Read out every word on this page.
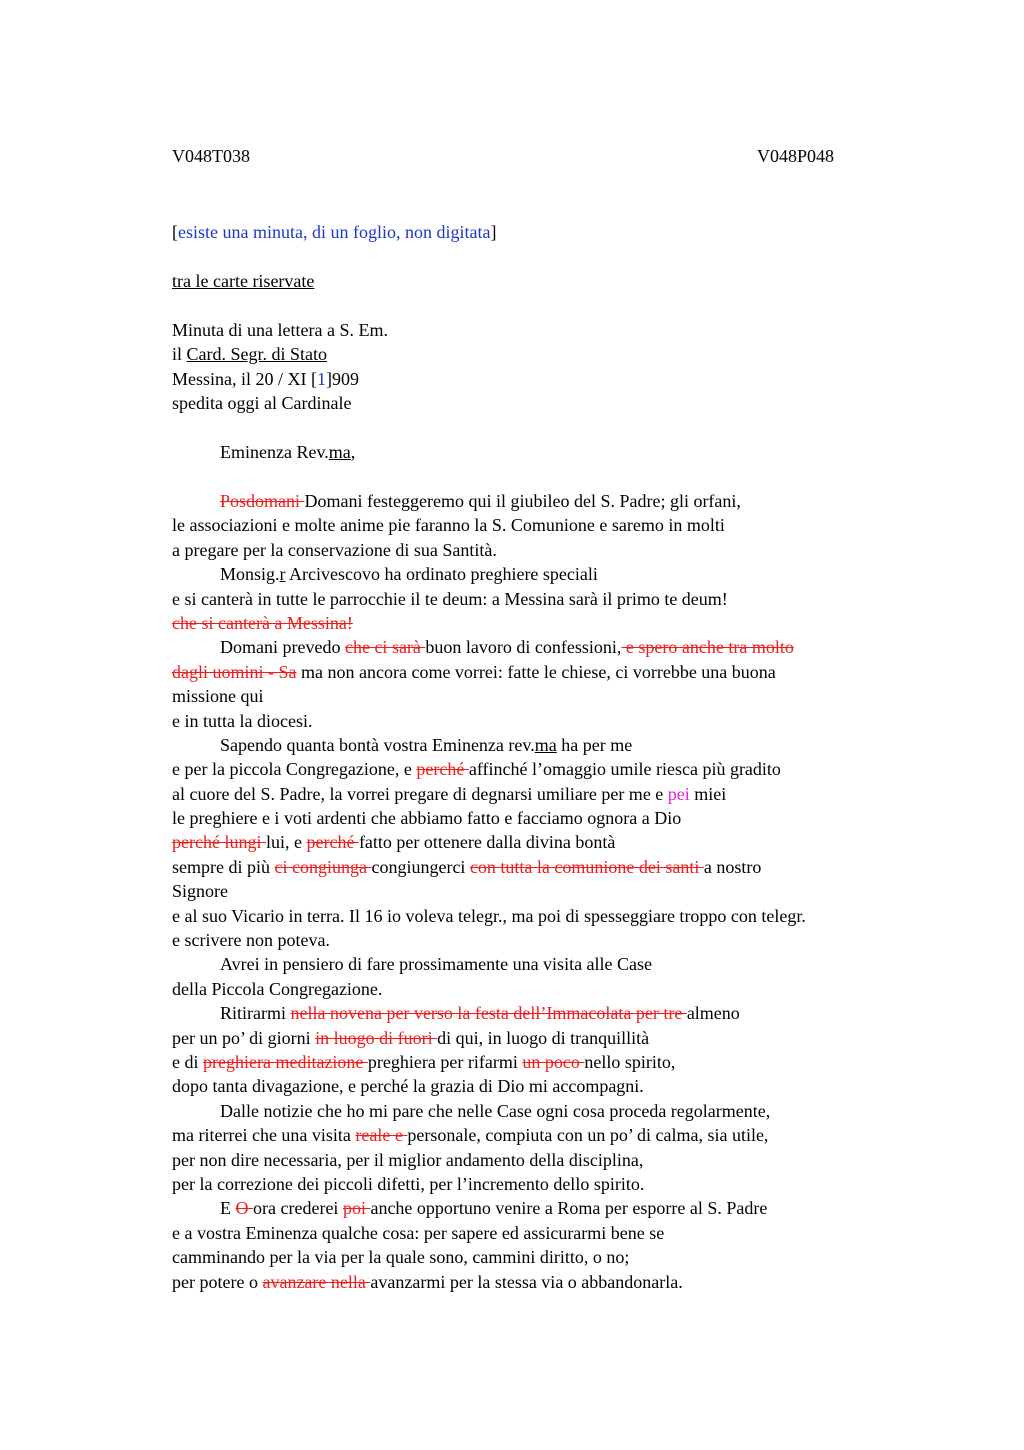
V048T038	V048P048
[esiste una minuta, di un foglio, non digitata]
tra le carte riservate
Minuta di una lettera a S. Em.
il Card. Segr. di Stato
Messina, il 20 / XI [1]909
spedita oggi al Cardinale
Eminenza Rev.ma,
Posdomani Domani festeggeremo qui il giubileo del S. Padre; gli orfani,
le associazioni e molte anime pie faranno la S. Comunione e saremo in molti
a pregare per la conservazione di sua Santità.
Monsig.r Arcivescovo ha ordinato preghiere speciali
e si canterà in tutte le parrocchie il te deum: a Messina sarà il primo te deum!
che si canterà a Messina!
Domani prevedo che ci sarà buon lavoro di confessioni, e spero anche tra molto
dagli uomini - Sa ma non ancora come vorrei: fatte le chiese, ci vorrebbe una buona
missione qui
e in tutta la diocesi.
Sapendo quanta bontà vostra Eminenza rev.ma ha per me
e per la piccola Congregazione, e perché affinché l’omaggio umile riesca più gradito
al cuore del S. Padre, la vorrei pregare di degnarsi umiliare per me e pei miei
le preghiere e i voti ardenti che abbiamo fatto e facciamo ognora a Dio
perché lungi lui, e perché fatto per ottenere dalla divina bontà
sempre di più ci congiunga congiungerci con tutta la comunione dei santi a nostro
Signore
e al suo Vicario in terra. Il 16 io voleva telegr., ma poi di spesseggiare troppo con telegr.
e scrivere non poteva.
Avrei in pensiero di fare prossimamente una visita alle Case
della Piccola Congregazione.
Ritirarmi nella novena per verso la festa dell’Immacolata per tre almeno
per un po’ di giorni in luogo di fuori di qui, in luogo di tranquillità
e di preghiera meditazione preghiera per rifarmi un poco nello spirito,
dopo tanta divagazione, e perché la grazia di Dio mi accompagni.
Dalle notizie che ho mi pare che nelle Case ogni cosa proceda regolarmente,
ma riterrei che una visita reale e personale, compiuta con un po’ di calma, sia utile,
per non dire necessaria, per il miglior andamento della disciplina,
per la correzione dei piccoli difetti, per l’incremento dello spirito.
E O ora crederei poi anche opportuno venire a Roma per esporre al S. Padre
e a vostra Eminenza qualche cosa: per sapere ed assicurarmi bene se
camminando per la via per la quale sono, cammini diritto, o no;
per potere o avanzare nella avanzarmi per la stessa via o abbandonarla.
